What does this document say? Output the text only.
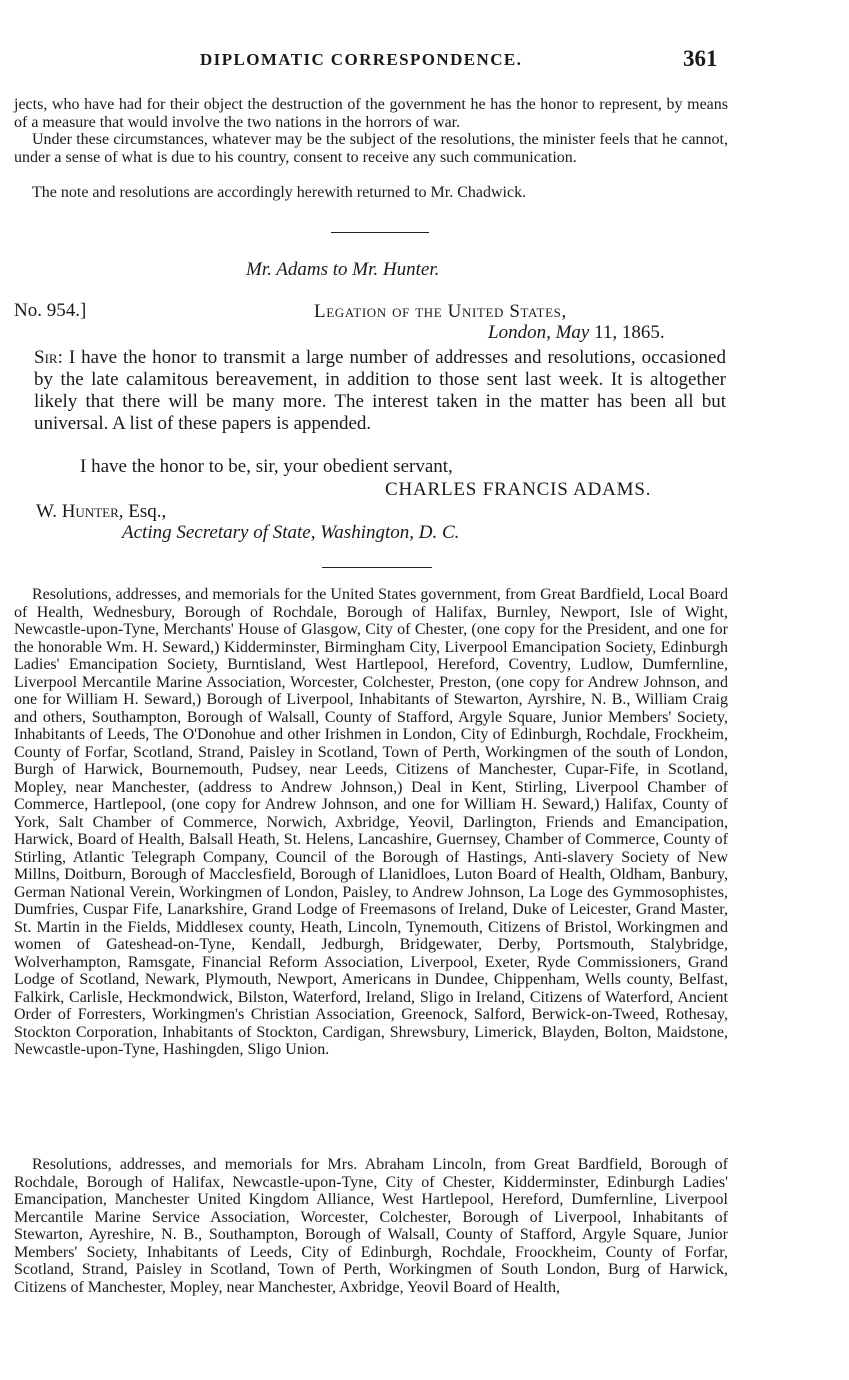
DIPLOMATIC CORRESPONDENCE.	361

jects, who have had for their object the destruction of the government he has the honor to represent, by means of a measure that would involve the two nations in the horrors of war.

Under these circumstances, whatever may be the subject of the resolutions, the minister feels that he cannot, under a sense of what is due to his country, consent to receive any such communication.

The note and resolutions are accordingly herewith returned to Mr. Chadwick.

Mr. Adams to Mr. Hunter.
No. 954.]	Legation of the United States,
London, May 11, 1865.

Sir: I have the honor to transmit a large number of addresses and resolutions, occasioned by the late calamitous bereavement, in addition to those sent last week. It is altogether likely that there will be many more. The interest taken in the matter has been all but universal. A list of these papers is appended.

I have the honor to be, sir, your obedient servant,
CHARLES FRANCIS ADAMS.
W. Hunter, Esq.,
Acting Secretary of State, Washington, D. C.

Resolutions, addresses, and memorials for the United States government, from Great Bardfield, Local Board of Health, Wednesbury, Borough of Rochdale, Borough of Halifax, Burnley, Newport, Isle of Wight, Newcastle-upon-Tyne, Merchants' House of Glasgow, City of Chester, (one copy for the President, and one for the honorable Wm. H. Seward,) Kidderminster, Birmingham City, Liverpool Emancipation Society, Edinburgh Ladies' Emancipation Society, Burntisland, West Hartlepool, Hereford, Coventry, Ludlow, Dumfernline, Liverpool Mercantile Marine Association, Worcester, Colchester, Preston, (one copy for Andrew Johnson, and one for William H. Seward,) Borough of Liverpool, Inhabitants of Stewarton, Ayrshire, N. B., William Craig and others, Southampton, Borough of Walsall, County of Stafford, Argyle Square, Junior Members' Society, Inhabitants of Leeds, The O'Donohue and other Irishmen in London, City of Edinburgh, Rochdale, Frockheim, County of Forfar, Scotland, Strand, Paisley in Scotland, Town of Perth, Workingmen of the south of London, Burgh of Harwick, Bournemouth, Pudsey, near Leeds, Citizens of Manchester, Cupar-Fife, in Scotland, Mopley, near Manchester, (address to Andrew Johnson,) Deal in Kent, Stirling, Liverpool Chamber of Commerce, Hartlepool, (one copy for Andrew Johnson, and one for William H. Seward,) Halifax, County of York, Salt Chamber of Commerce, Norwich, Axbridge, Yeovil, Darlington, Friends and Emancipation, Harwick, Board of Health, Balsall Heath, St. Helens, Lancashire, Guernsey, Chamber of Commerce, County of Stirling, Atlantic Telegraph Company, Council of the Borough of Hastings, Anti-slavery Society of New Millns, Doitburn, Borough of Macclesfield, Borough of Llanidloes, Luton Board of Health, Oldham, Banbury, German National Verein, Workingmen of London, Paisley, to Andrew Johnson, La Loge des Gymmosophistes, Dumfries, Cuspar Fife, Lanarkshire, Grand Lodge of Freemasons of Ireland, Duke of Leicester, Grand Master, St. Martin in the Fields, Middlesex county, Heath, Lincoln, Tynemouth, Citizens of Bristol, Workingmen and women of Gateshead-on-Tyne, Kendall, Jedburgh, Bridgewater, Derby, Portsmouth, Stalybridge, Wolverhampton, Ramsgate, Financial Reform Association, Liverpool, Exeter, Ryde Commissioners, Grand Lodge of Scotland, Newark, Plymouth, Newport, Americans in Dundee, Chippenham, Wells county, Belfast, Falkirk, Carlisle, Heckmondwick, Bilston, Waterford, Ireland, Sligo in Ireland, Citizens of Waterford, Ancient Order of Forresters, Workingmen's Christian Association, Greenock, Salford, Berwick-on-Tweed, Rothesay, Stockton Corporation, Inhabitants of Stockton, Cardigan, Shrewsbury, Limerick, Blayden, Bolton, Maidstone, Newcastle-upon-Tyne, Hashingden, Sligo Union.

Resolutions, addresses, and memorials for Mrs. Abraham Lincoln, from Great Bardfield, Borough of Rochdale, Borough of Halifax, Newcastle-upon-Tyne, City of Chester, Kidderminster, Edinburgh Ladies' Emancipation, Manchester United Kingdom Alliance, West Hartlepool, Hereford, Dumfernline, Liverpool Mercantile Marine Service Association, Worcester, Colchester, Borough of Liverpool, Inhabitants of Stewarton, Ayreshire, N. B., Southampton, Borough of Walsall, County of Stafford, Argyle Square, Junior Members' Society, Inhabitants of Leeds, City of Edinburgh, Rochdale, Froockheim, County of Forfar, Scotland, Strand, Paisley in Scotland, Town of Perth, Workingmen of South London, Burg of Harwick, Citizens of Manchester, Mopley, near Manchester, Axbridge, Yeovil Board of Health,
